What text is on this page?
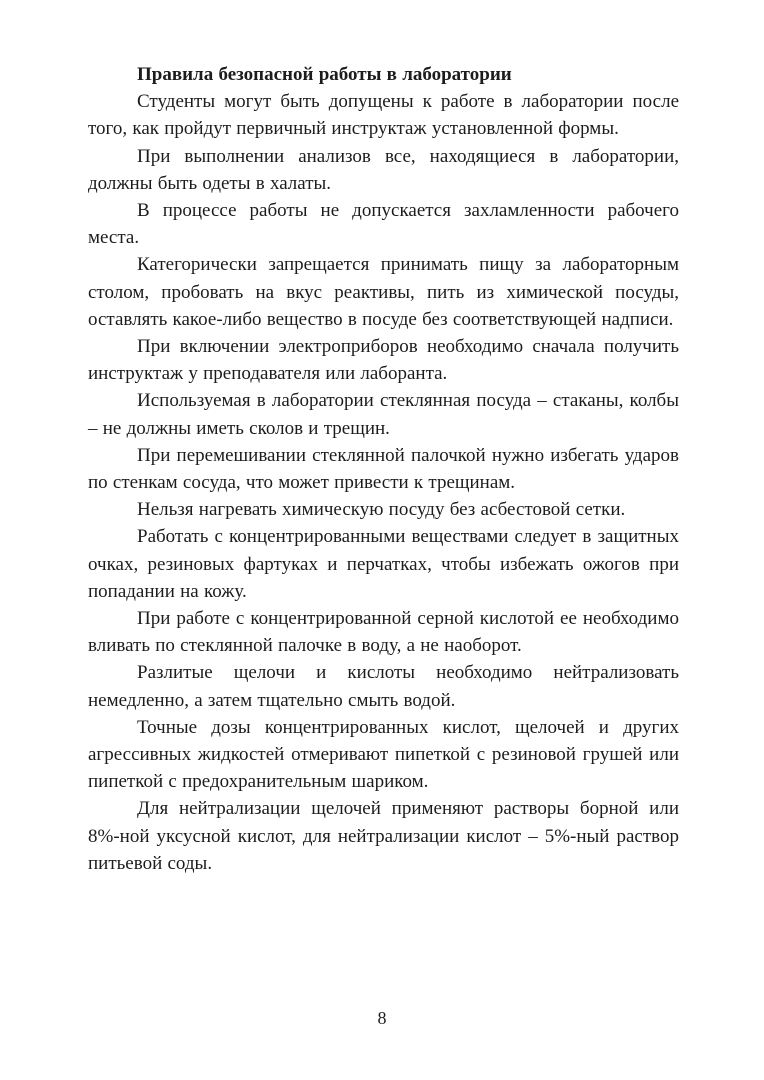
Правила безопасной работы в лаборатории

Студенты могут быть допущены к работе в лаборатории после того, как пройдут первичный инструктаж установленной формы.

При выполнении анализов все, находящиеся в лаборатории, должны быть одеты в халаты.

В процессе работы не допускается захламленности рабочего места.

Категорически запрещается принимать пищу за лабораторным столом, пробовать на вкус реактивы, пить из химической посуды, оставлять какое-либо вещество в посуде без соответствующей надписи.

При включении электроприборов необходимо сначала получить инструктаж у преподавателя или лаборанта.

Используемая в лаборатории стеклянная посуда – стаканы, колбы – не должны иметь сколов и трещин.

При перемешивании стеклянной палочкой нужно избегать ударов по стенкам сосуда, что может привести к трещинам.

Нельзя нагревать химическую посуду без асбестовой сетки.

Работать с концентрированными веществами следует в защитных очках, резиновых фартуках и перчатках, чтобы избежать ожогов при попадании на кожу.

При работе с концентрированной серной кислотой ее необходимо вливать по стеклянной палочке в воду, а не наоборот.

Разлитые щелочи и кислоты необходимо нейтрализовать немедленно, а затем тщательно смыть водой.

Точные дозы концентрированных кислот, щелочей и других агрессивных жидкостей отмеривают пипеткой с резиновой грушей или пипеткой с предохранительным шариком.

Для нейтрализации щелочей применяют растворы борной или 8%-ной уксусной кислот, для нейтрализации кислот – 5%-ный раствор питьевой соды.

8
